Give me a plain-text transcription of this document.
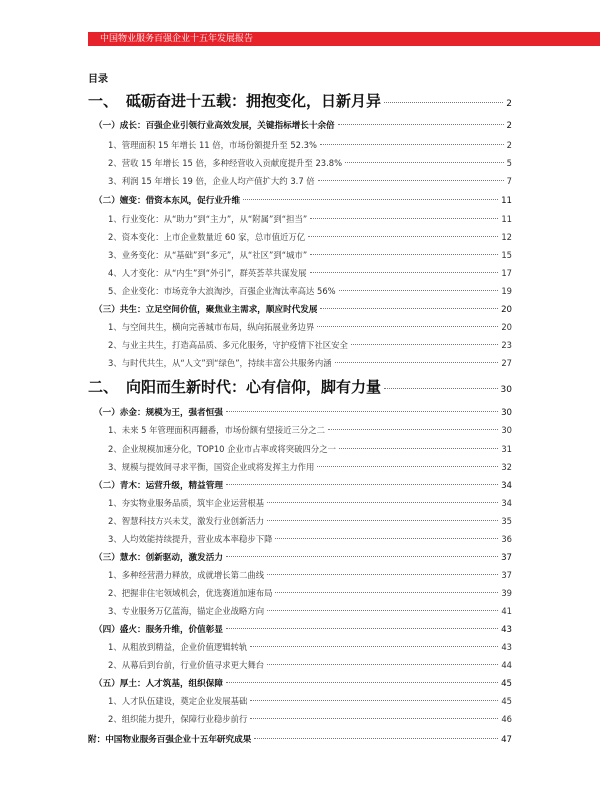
中国物业服务百强企业十五年发展报告
目录
一、 砥砺奋进十五载：拥抱变化，日新月异	2
（一）成长：百强企业引领行业高效发展，关键指标增长十余倍	2
1、管理面积 15 年增长 11 倍，市场份额提升至 52.3%	2
2、营收 15 年增长 15 倍，多种经营收入贡献度提升至 23.8%	5
3、利润 15 年增长 19 倍，企业人均产值扩大约 3.7 倍	7
（二）嬗变：借资本东风，促行业升维	11
1、行业变化：从“助力”到“主力”，从“附属”到“担当”	11
2、资本变化：上市企业数量近 60 家，总市值近万亿	12
3、业务变化：从“基础”到“多元”，从“社区”到“城市”	15
4、人才变化：从“内生”到“外引”，群英荟萃共谋发展	17
5、企业变化：市场竞争大浪淘沙，百强企业淘汰率高达 56%	19
（三）共生：立足空间价值，聚焦业主需求，顺应时代发展	20
1、与空间共生，横向完善城市布局，纵向拓展业务边界	20
2、与业主共生，打造高品质、多元化服务，守护疫情下社区安全	23
3、与时代共生，从“人文”到“绿色”，持续丰富公共服务内涵	27
二、 向阳而生新时代：心有信仰，脚有力量	30
（一）赤金：规模为王，强者恒强	30
1、未来 5 年管理面积再翻番，市场份额有望接近三分之二	30
2、企业规模加速分化，TOP10 企业市占率或将突破四分之一	31
3、规模与提效间寻求平衡，国资企业或将发挥主力作用	32
（二）青木：运营升级，精益管理	34
1、夯实物业服务品质，筑牢企业运营根基	34
2、智慧科技方兴未艾，激发行业创新活力	35
3、人均效能持续提升，营业成本率稳步下降	36
（三）慧水：创新驱动，激发活力	37
1、多种经营潜力释放，成就增长第二曲线	37
2、把握非住宅领域机会，优选赛道加速布局	39
3、专业服务万亿蓝海，锚定企业战略方向	41
（四）盛火：服务升维，价值彰显	43
1、从粗放到精益，企业价值逻辑转轨	43
2、从幕后到台前，行业价值寻求更大舞台	44
（五）厚土：人才筑基，组织保障	45
1、人才队伍建设，奠定企业发展基础	45
2、组织能力提升，保障行业稳步前行	46
附：中国物业服务百强企业十五年研究成果	47
